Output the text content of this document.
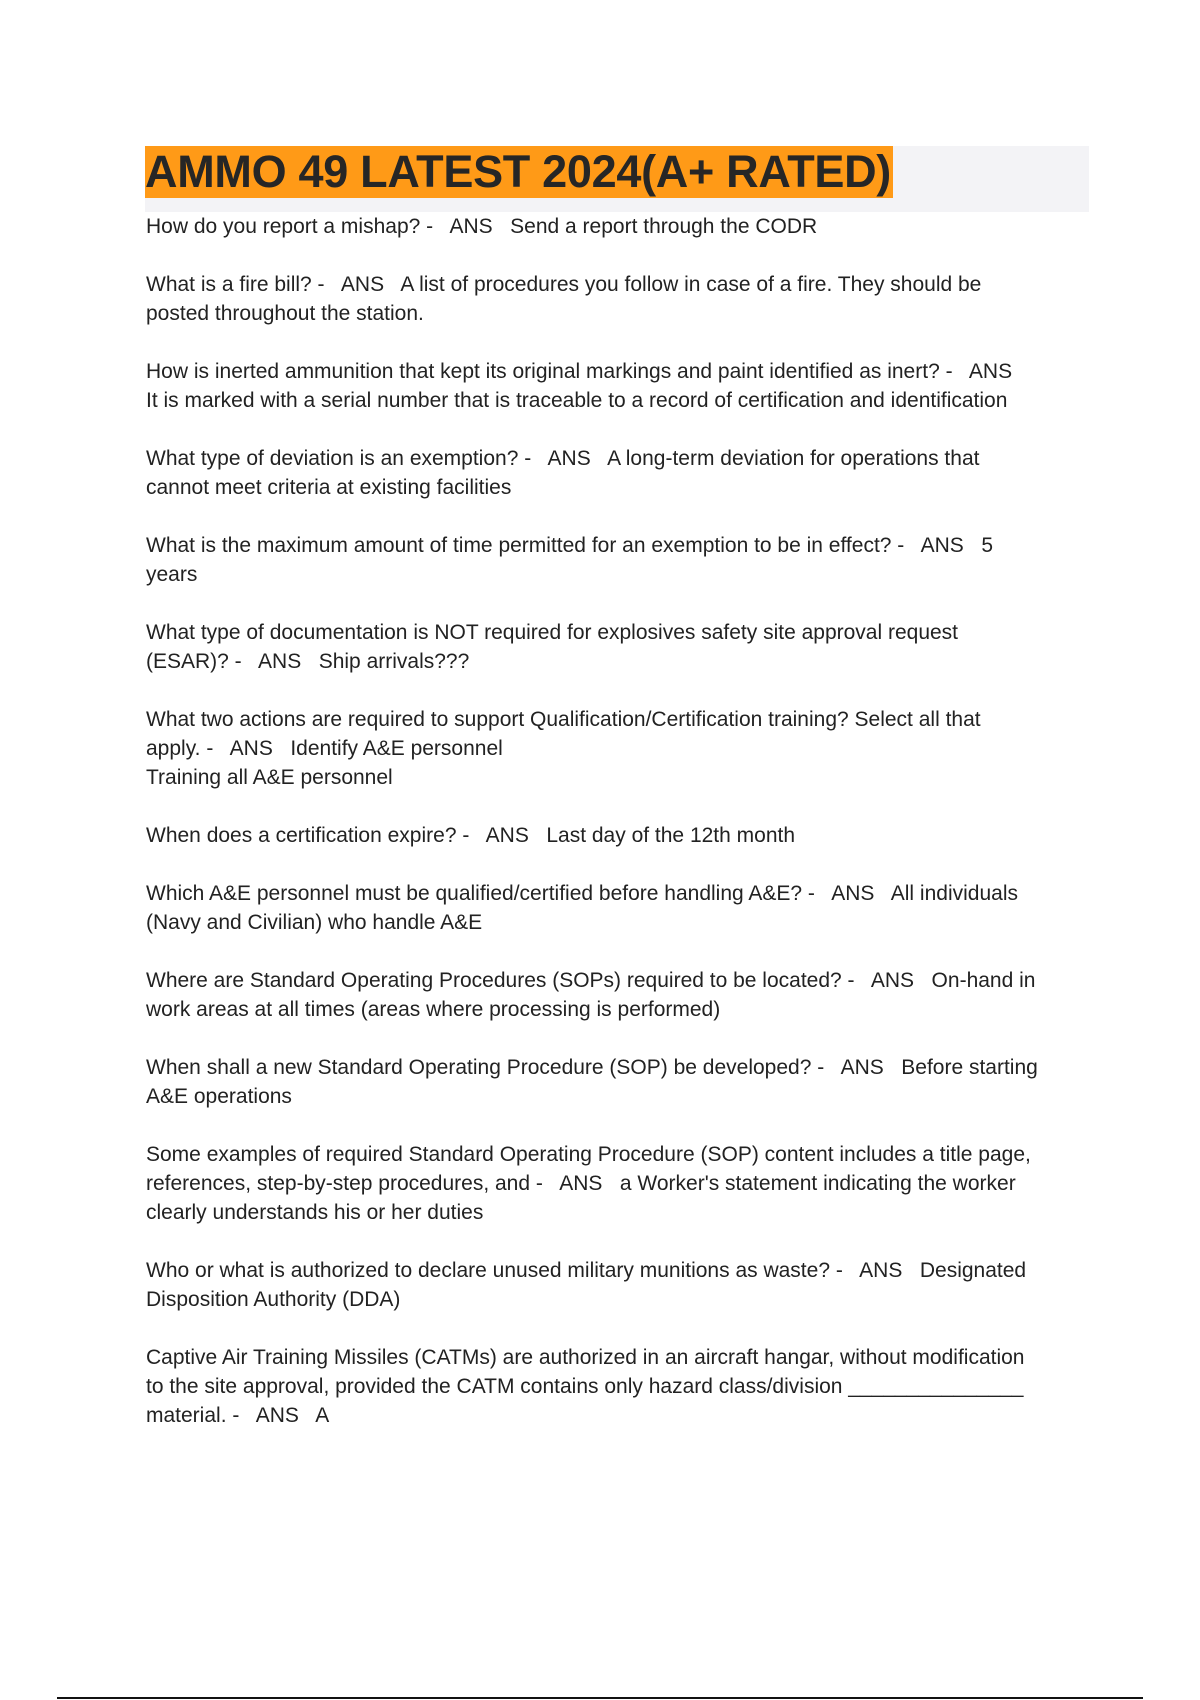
AMMO 49 LATEST 2024(A+ RATED)
How do you report a mishap? -   ANS   Send a report through the CODR
What is a fire bill? -   ANS   A list of procedures you follow in case of a fire. They should be
posted throughout the station.
How is inerted ammunition that kept its original markings and paint identified as inert? -   ANS
It is marked with a serial number that is traceable to a record of certification and identification
What type of deviation is an exemption? -   ANS   A long-term deviation for operations that
cannot meet criteria at existing facilities
What is the maximum amount of time permitted for an exemption to be in effect? -   ANS   5
years
What type of documentation is NOT required for explosives safety site approval request
(ESAR)? -   ANS   Ship arrivals???
What two actions are required to support Qualification/Certification training? Select all that
apply. -   ANS   Identify A&E personnel
Training all A&E personnel
When does a certification expire? -   ANS   Last day of the 12th month
Which A&E personnel must be qualified/certified before handling A&E? -   ANS   All individuals
(Navy and Civilian) who handle A&E
Where are Standard Operating Procedures (SOPs) required to be located? -   ANS   On-hand in
work areas at all times (areas where processing is performed)
When shall a new Standard Operating Procedure (SOP) be developed? -   ANS   Before starting
A&E operations
Some examples of required Standard Operating Procedure (SOP) content includes a title page,
references, step-by-step procedures, and -   ANS   a Worker's statement indicating the worker
clearly understands his or her duties
Who or what is authorized to declare unused military munitions as waste? -   ANS   Designated
Disposition Authority (DDA)
Captive Air Training Missiles (CATMs) are authorized in an aircraft hangar, without modification
to the site approval, provided the CATM contains only hazard class/division _______________
material. -   ANS   A
